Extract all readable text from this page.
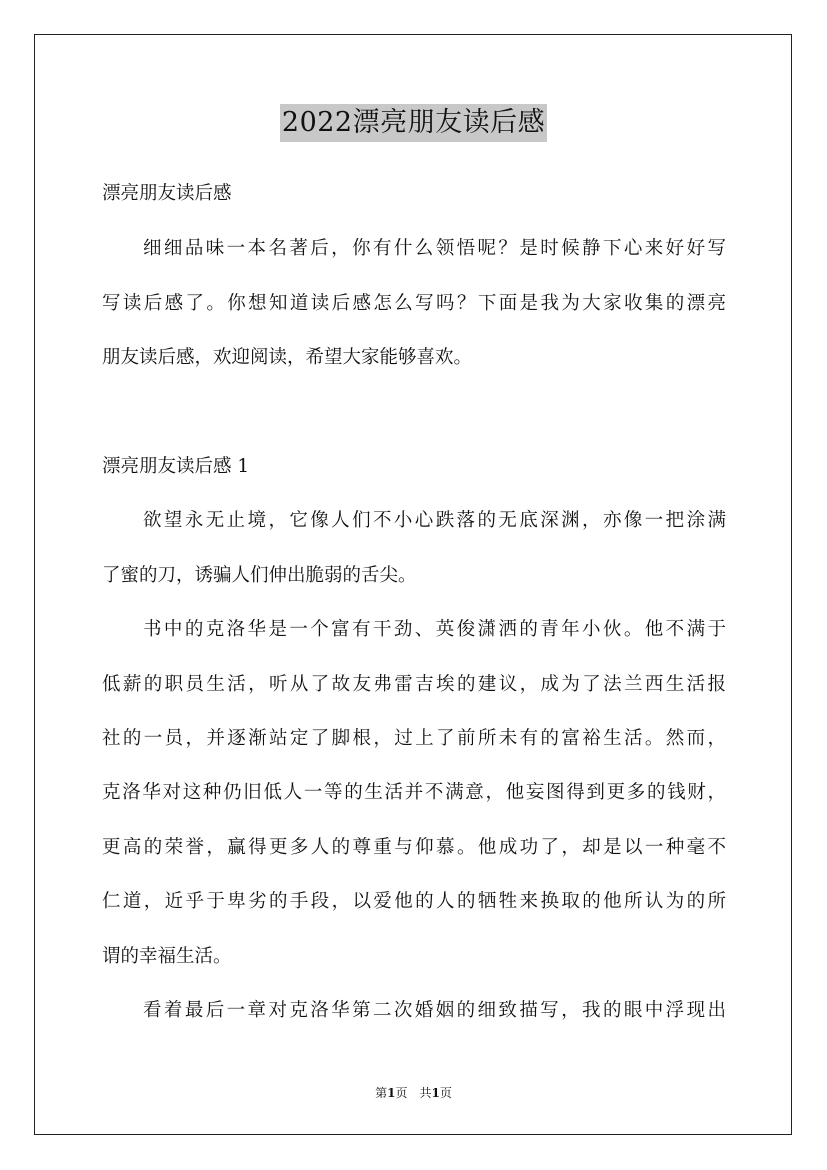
2022漂亮朋友读后感
漂亮朋友读后感
细细品味一本名著后，你有什么领悟呢？是时候静下心来好好写
写读后感了。你想知道读后感怎么写吗？下面是我为大家收集的漂亮
朋友读后感，欢迎阅读，希望大家能够喜欢。
漂亮朋友读后感 1
欲望永无止境，它像人们不小心跌落的无底深渊，亦像一把涂满
了蜜的刀，诱骗人们伸出脆弱的舌尖。
书中的克洛华是一个富有干劲、英俊潇洒的青年小伙。他不满于
低薪的职员生活，听从了故友弗雷吉埃的建议，成为了法兰西生活报
社的一员，并逐渐站定了脚根，过上了前所未有的富裕生活。然而，
克洛华对这种仍旧低人一等的生活并不满意，他妄图得到更多的钱财，
更高的荣誉，赢得更多人的尊重与仰慕。他成功了，却是以一种毫不
仁道，近乎于卑劣的手段，以爱他的人的牺牲来换取的他所认为的所
谓的幸福生活。
看着最后一章对克洛华第二次婚姻的细致描写，我的眼中浮现出
第1页　共1页
